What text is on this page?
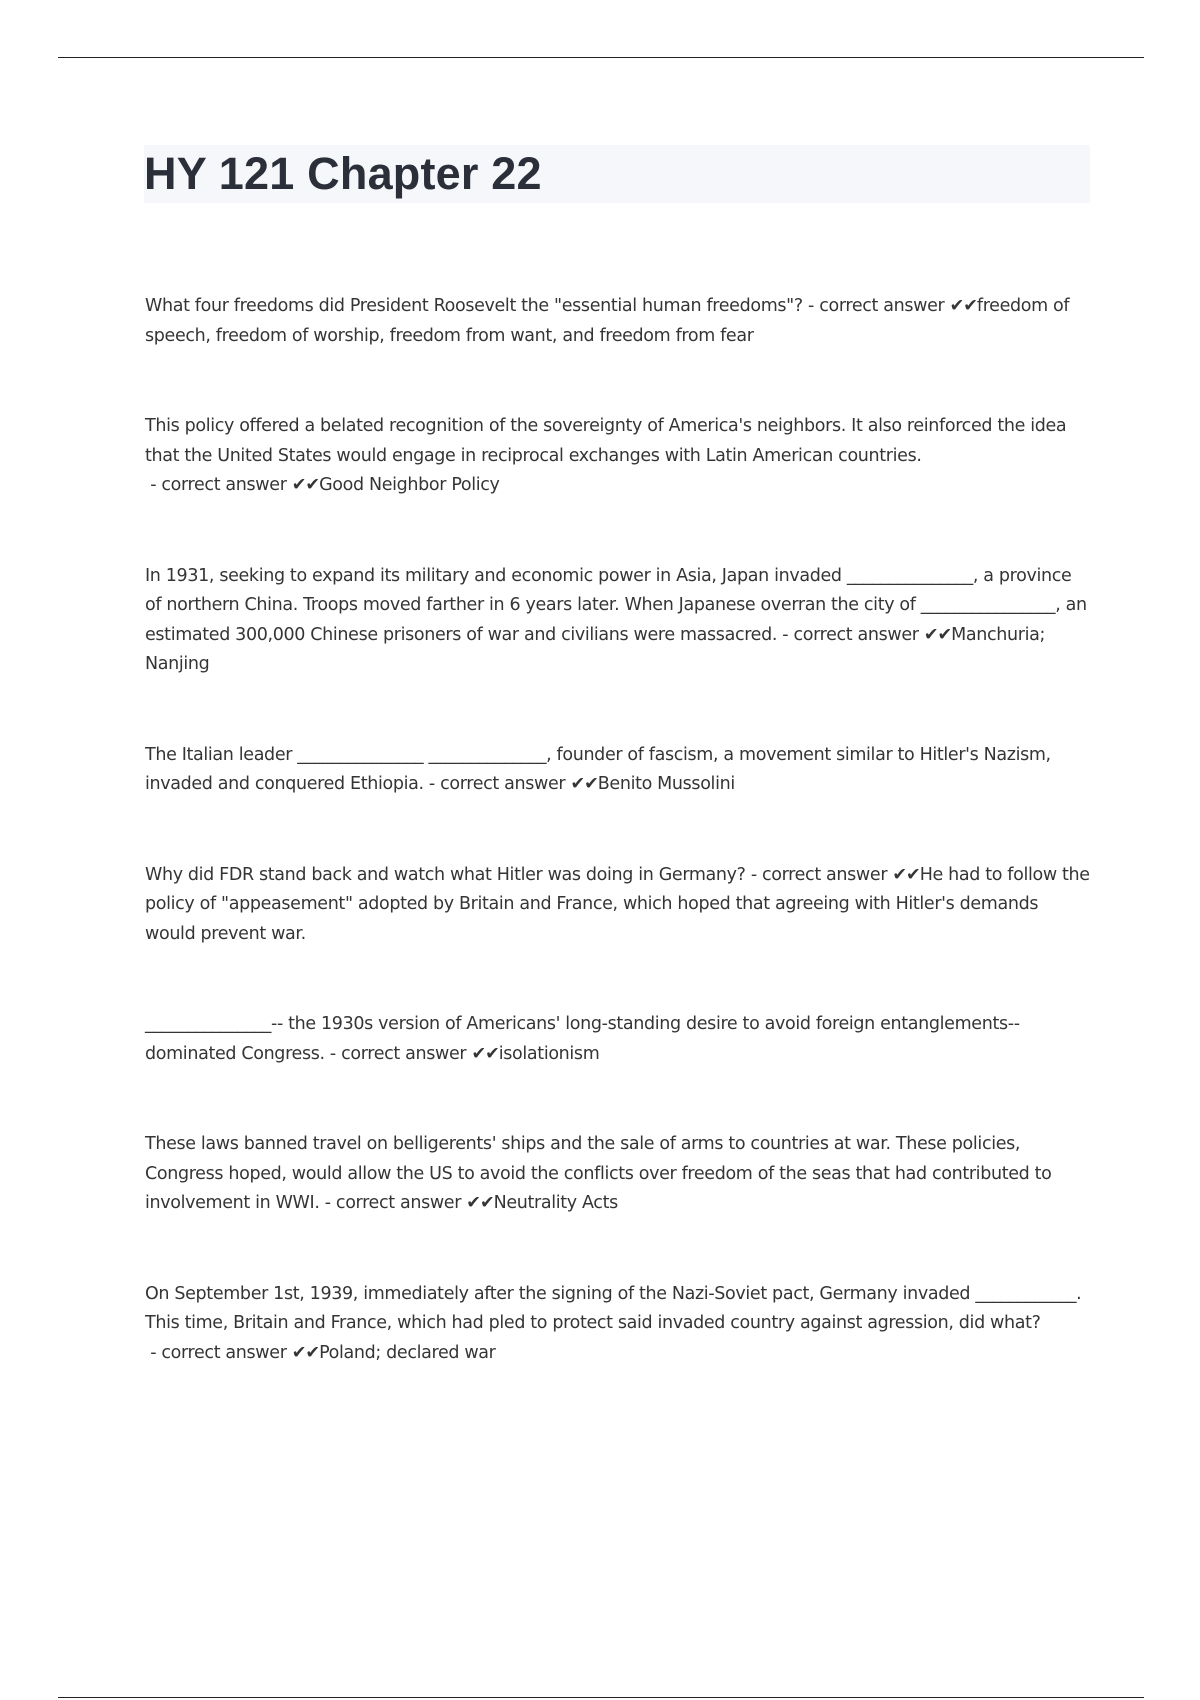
HY 121 Chapter 22

What four freedoms did President Roosevelt the "essential human freedoms"? - correct answer ✔✔freedom of speech, freedom of worship, freedom from want, and freedom from fear

This policy offered a belated recognition of the sovereignty of America's neighbors. It also reinforced the idea that the United States would engage in reciprocal exchanges with Latin American countries. - correct answer ✔✔Good Neighbor Policy

In 1931, seeking to expand its military and economic power in Asia, Japan invaded _______________, a province of northern China. Troops moved farther in 6 years later. When Japanese overran the city of ________________, an estimated 300,000 Chinese prisoners of war and civilians were massacred. - correct answer ✔✔Manchuria; Nanjing

The Italian leader _______________ ______________, founder of fascism, a movement similar to Hitler's Nazism, invaded and conquered Ethiopia. - correct answer ✔✔Benito Mussolini

Why did FDR stand back and watch what Hitler was doing in Germany? - correct answer ✔✔He had to follow the policy of "appeasement" adopted by Britain and France, which hoped that agreeing with Hitler's demands would prevent war.

_______________-- the 1930s version of Americans' long-standing desire to avoid foreign entanglements--dominated Congress. - correct answer ✔✔isolationism

These laws banned travel on belligerents' ships and the sale of arms to countries at war. These policies, Congress hoped, would allow the US to avoid the conflicts over freedom of the seas that had contributed to involvement in WWI. - correct answer ✔✔Neutrality Acts

On September 1st, 1939, immediately after the signing of the Nazi-Soviet pact, Germany invaded ____________. This time, Britain and France, which had pled to protect said invaded country against agression, did what? - correct answer ✔✔Poland; declared war
